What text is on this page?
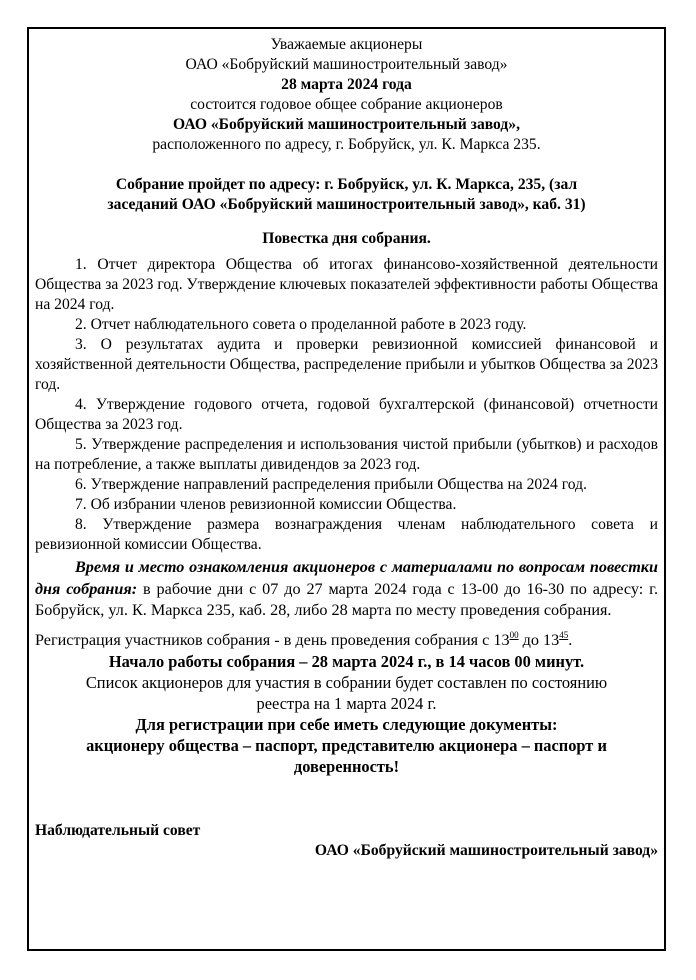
Уважаемые акционеры

ОАО «Бобруйский машиностроительный завод»

28 марта 2024 года

состоится годовое общее собрание акционеров

ОАО «Бобруйский машиностроительный завод»,

расположенного по адресу, г. Бобруйск, ул. К. Маркса 235.

Собрание пройдет по адресу: г. Бобруйск, ул. К. Маркса, 235, (зал

заседаний ОАО «Бобруйский машиностроительный завод», каб. 31)

Повестка дня собрания.

1. Отчет директора Общества об итогах финансово-хозяйственной деятельности Общества за 2023 год. Утверждение ключевых показателей эффективности работы Общества на 2024 год.

2. Отчет наблюдательного совета о проделанной работе в 2023 году.

3. О результатах аудита и проверки ревизионной комиссией финансовой и хозяйственной деятельности Общества, распределение прибыли и убытков Общества за 2023 год.

4. Утверждение годового отчета, годовой бухгалтерской (финансовой) отчетности Общества за 2023 год.

5. Утверждение распределения и использования чистой прибыли (убытков) и расходов на потребление, а также выплаты дивидендов за 2023 год.

6. Утверждение направлений распределения прибыли Общества на 2024 год.

7. Об избрании членов ревизионной комиссии Общества.

8. Утверждение размера вознаграждения членам наблюдательного совета и ревизионной комиссии Общества.

Время и место ознакомления акционеров с материалами по вопросам повестки дня собрания: в рабочие дни с 07 до 27 марта 2024 года с 13-00 до 16-30 по адресу: г. Бобруйск, ул. К. Маркса 235, каб. 28, либо 28 марта по месту проведения собрания.

Регистрация участников собрания - в день проведения собрания с $13^{00}$ до $13^{45}$.

Начало работы собрания – 28 марта 2024 г., в 14 часов 00 минут.

Список акционеров для участия в собрании будет составлен по состоянию

реестра на 1 марта 2024 г.

Для регистрации при себе иметь следующие документы:

акционеру общества – паспорт, представителю акционера – паспорт и

доверенность!

Наблюдательный совет

ОАО «Бобруйский машиностроительный завод»
